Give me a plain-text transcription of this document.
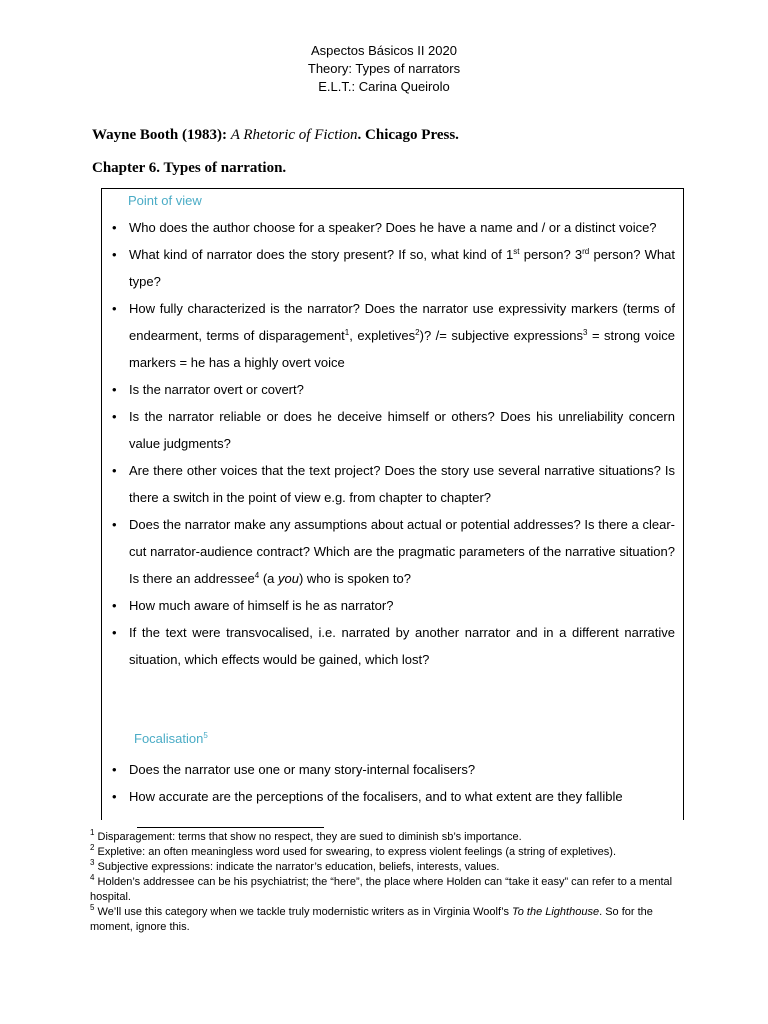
Aspectos Básicos II 2020
Theory: Types of narrators
E.L.T.: Carina Queirolo
Wayne Booth (1983): A Rhetoric of Fiction. Chicago Press.
Chapter 6. Types of narration.
Point of view
• Who does the author choose for a speaker? Does he have a name and / or a distinct voice?
• What kind of narrator does the story present? If so, what kind of 1st person? 3rd person? What type?
• How fully characterized is the narrator? Does the narrator use expressivity markers (terms of endearment, terms of disparagement$^1$, expletives$^2$)? /= subjective expressions$^3$ = strong voice markers = he has a highly overt voice
• Is the narrator overt or covert?
• Is the narrator reliable or does he deceive himself or others? Does his unreliability concern value judgments?
• Are there other voices that the text project? Does the story use several narrative situations? Is there a switch in the point of view e.g. from chapter to chapter?
• Does the narrator make any assumptions about actual or potential addresses? Is there a clear-cut narrator-audience contract? Which are the pragmatic parameters of the narrative situation? Is there an addressee$^4$ (a you) who is spoken to?
• How much aware of himself is he as narrator?
• If the text were transvocalised, i.e. narrated by another narrator and in a different narrative situation, which effects would be gained, which lost?
Focalisation$^5$
• Does the narrator use one or many story-internal focalisers?
• How accurate are the perceptions of the focalisers, and to what extent are they fallible

$^1$ Disparagement: terms that show no respect, they are sued to diminish sb’s importance.

$^2$ Expletive: an often meaningless word used for swearing, to express violent feelings (a string of expletives).

$^3$ Subjective expressions: indicate the narrator’s education, beliefs, interests, values.

$^4$ Holden’s addressee can be his psychiatrist; the “here”, the place where Holden can “take it easy” can refer to a mental hospital.

$^5$ We’ll use this category when we tackle truly modernistic writers as in Virginia Woolf’s To the Lighthouse. So for the moment, ignore this.
